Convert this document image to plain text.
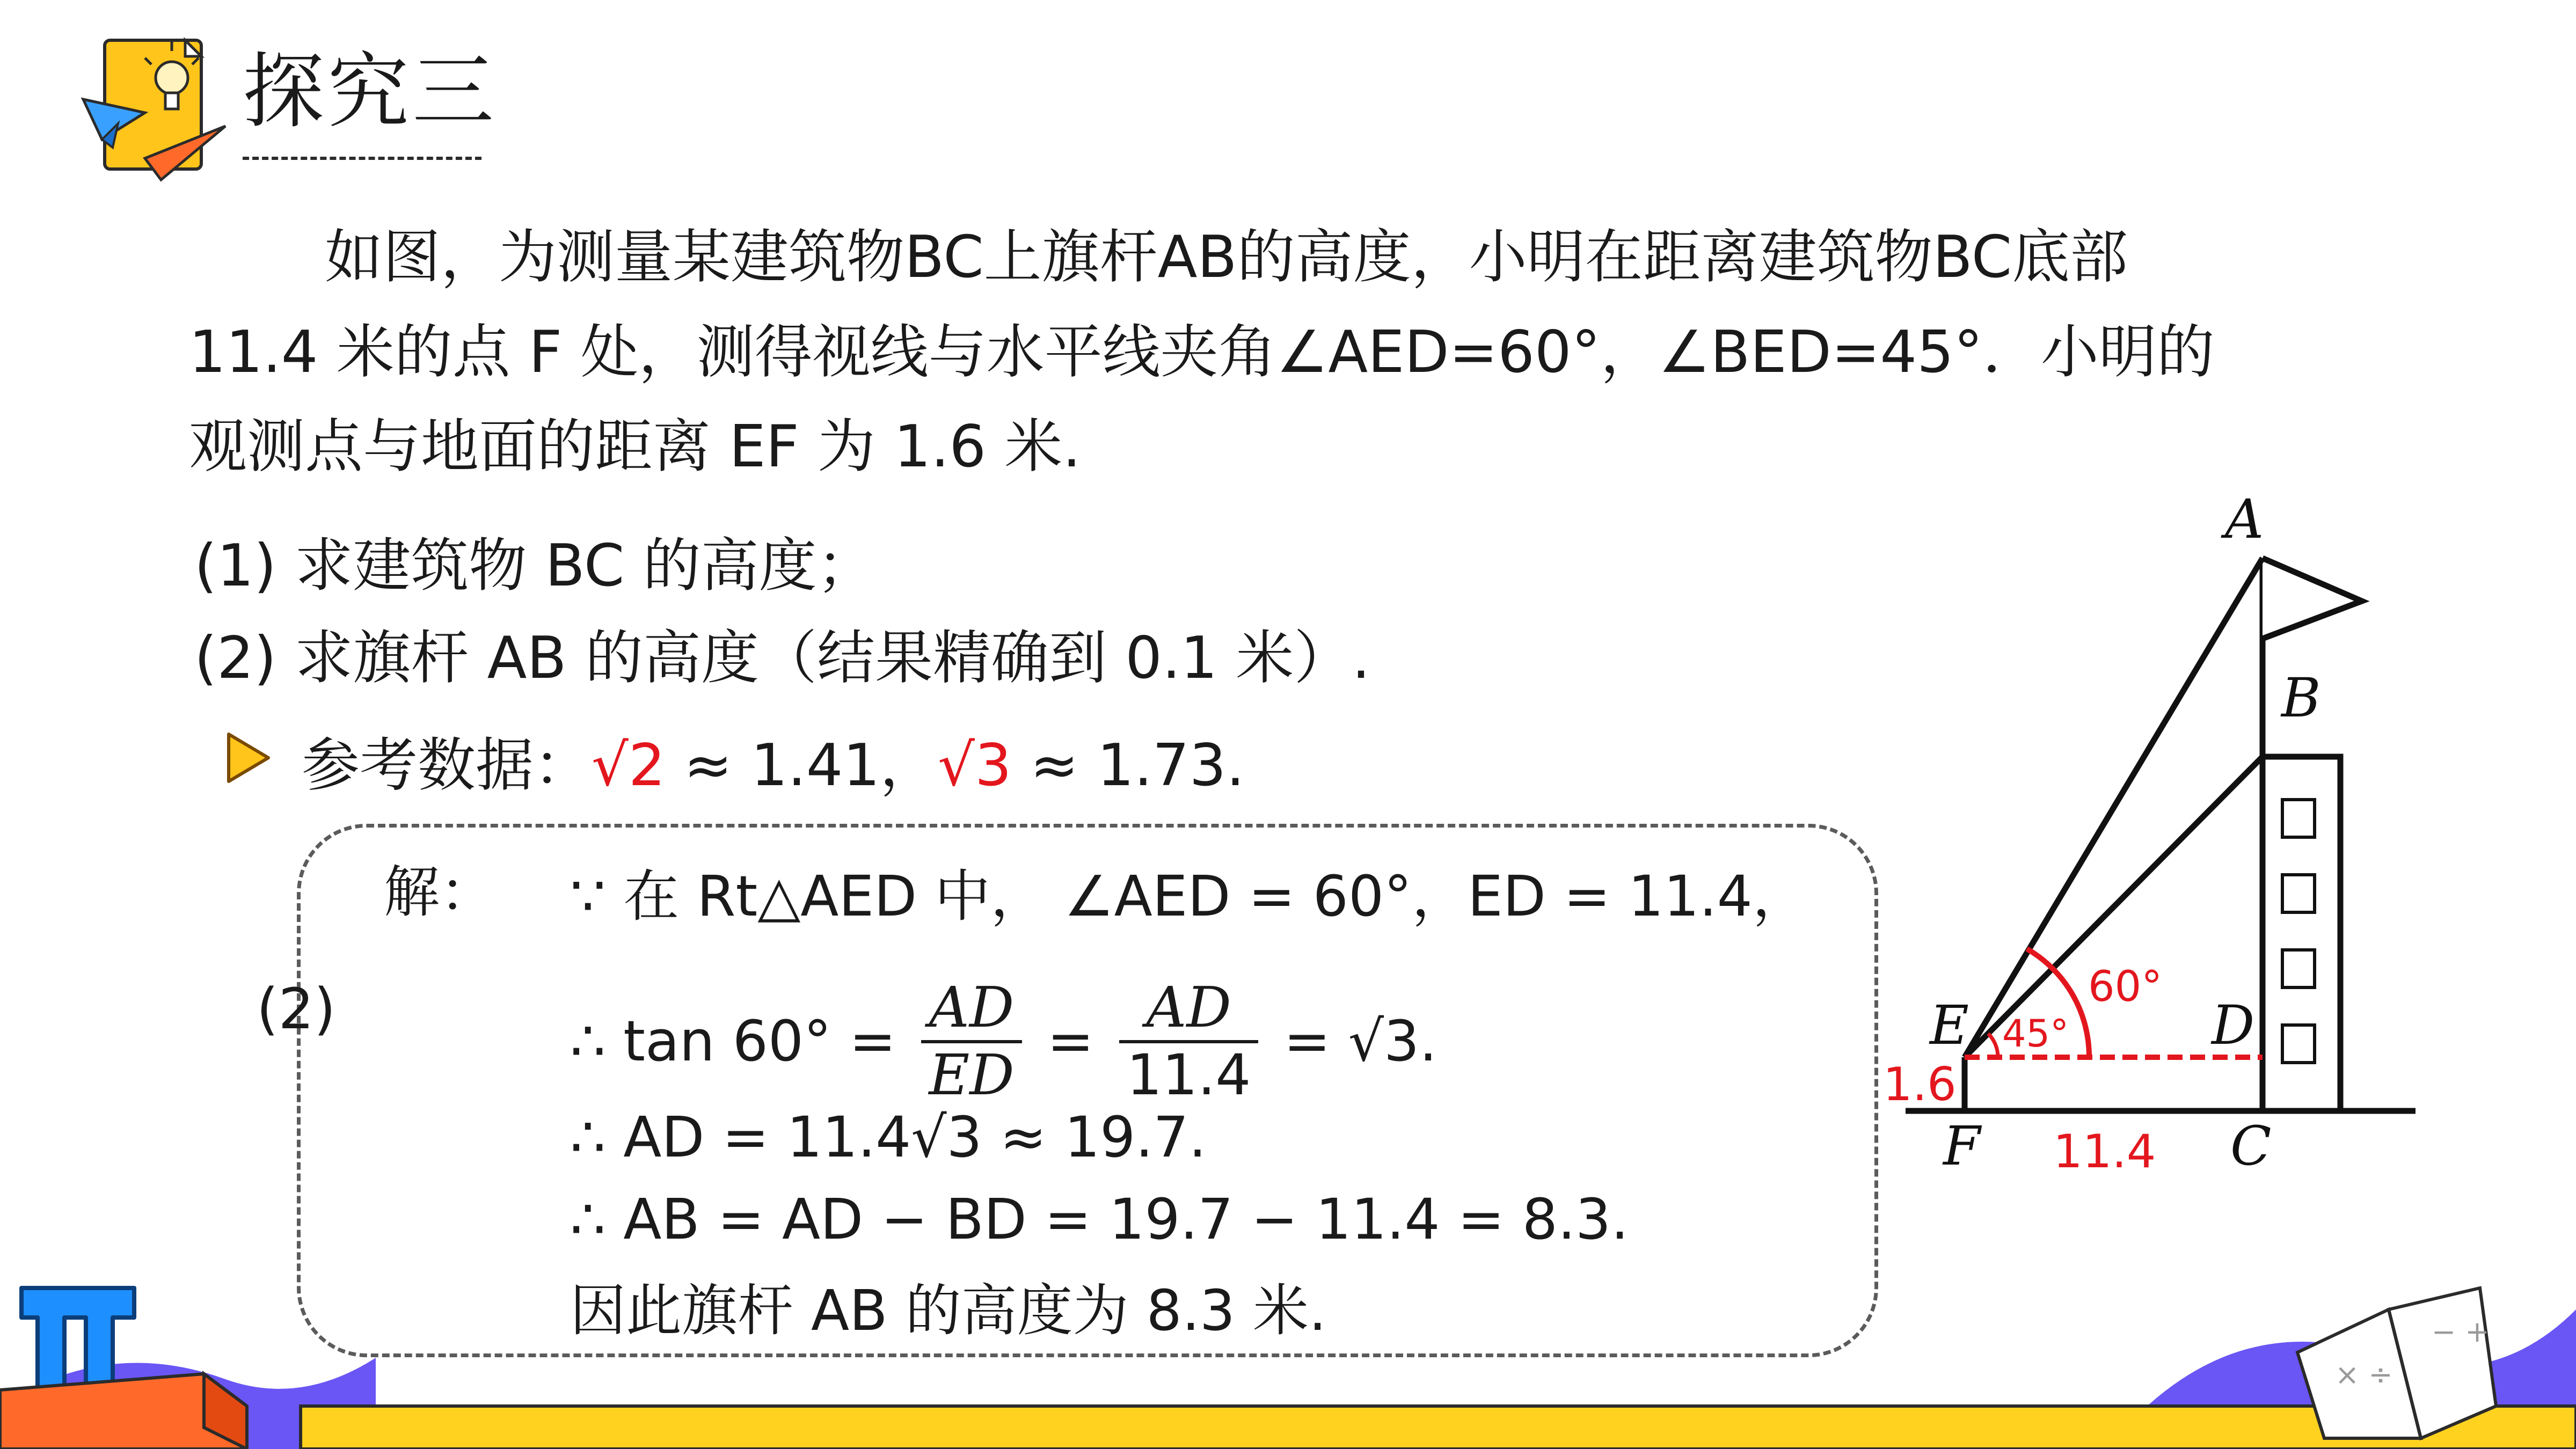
探究三
如图，为测量某建筑物BC上旗杆AB的高度，小明在距离建筑物BC底部
11.4 米的点 F 处，测得视线与水平线夹角∠AED=60°，∠BED=45°．小明的
观测点与地面的距离 EF 为 1.6 米.
(1) 求建筑物 BC 的高度；
(2) 求旗杆 AB 的高度（结果精确到 0.1 米）.
参考数据：√2 ≈ 1.41，√3 ≈ 1.73.
解：
(2)
∵ 在 Rt△AED 中， ∠AED = 60°，ED = 11.4，
∴ $\tan 60^\circ = \frac{AD}{ED} = \frac{AD}{11.4} = √3$.
∴ AD = 11.4√3 ≈ 19.7.
∴ AB = AD − BD = 19.7 − 11.4 = 8.3.
因此旗杆 AB 的高度为 8.3 米.
A
B
E	D
F	C
60°
45°
1.6
11.4
× ÷
− +
